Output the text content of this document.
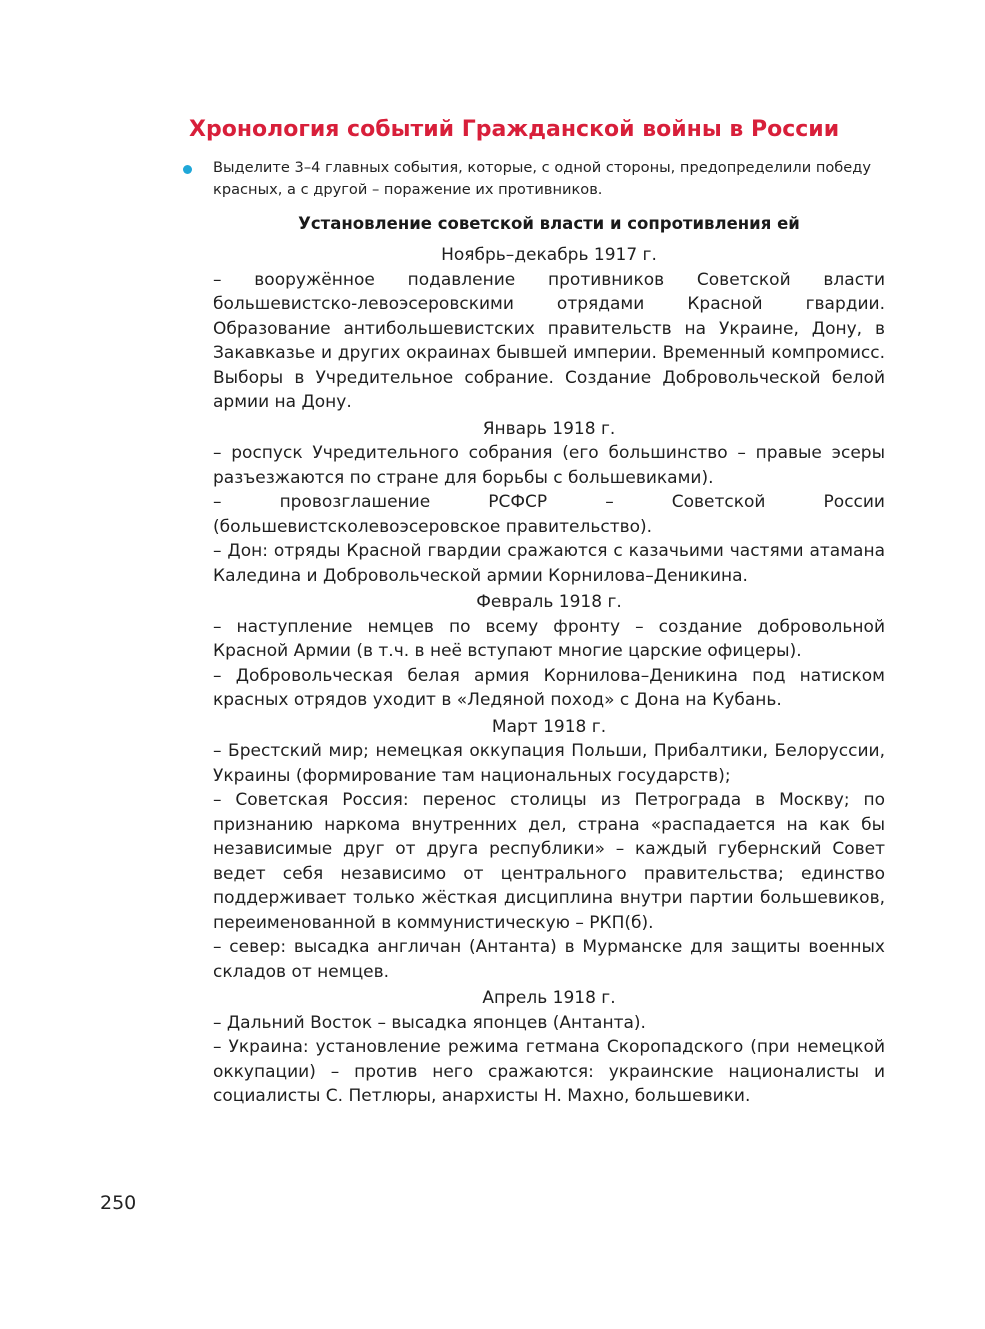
Хронология событий Гражданской войны в России
Выделите 3–4 главных события, которые, с одной стороны, предопределили победу красных, а с другой – поражение их противников.
Установление советской власти и сопротивления ей
Ноябрь–декабрь 1917 г.

– вооружённое подавление противников Советской власти большевистско-левоэсеровскими отрядами Красной гвардии. Образование антибольшевистских правительств на Украине, Дону, в Закавказье и других окраинах бывшей империи. Временный компромисс. Выборы в Учредительное собрание. Создание Добровольческой белой армии на Дону.

Январь 1918 г.

– роспуск Учредительного собрания (его большинство – правые эсеры разъезжаются по стране для борьбы с большевиками).

– провозглашение РСФСР – Советской России (большевистсколевоэсеровское правительство).

– Дон: отряды Красной гвардии сражаются с казачьими частями атамана Каледина и Добровольческой армии Корнилова–Деникина.

Февраль 1918 г.

– наступление немцев по всему фронту – создание добровольной Красной Армии (в т.ч. в неё вступают многие царские офицеры).

– Добровольческая белая армия Корнилова–Деникина под натиском красных отрядов уходит в «Ледяной поход» с Дона на Кубань.

Март 1918 г.

– Брестский мир; немецкая оккупация Польши, Прибалтики, Белоруссии, Украины (формирование там национальных государств);

– Советская Россия: перенос столицы из Петрограда в Москву; по признанию наркома внутренних дел, страна «распадается на как бы независимые друг от друга республики» – каждый губернский Совет ведет себя независимо от центрального правительства; единство поддерживает только жёсткая дисциплина внутри партии большевиков, переименованной в коммунистическую – РКП(б).

– север: высадка англичан (Антанта) в Мурманске для защиты военных складов от немцев.

Апрель 1918 г.

– Дальний Восток – высадка японцев (Антанта).

– Украина: установление режима гетмана Скоропадского (при немецкой оккупации) – против него сражаются: украинские националисты и социалисты С. Петлюры, анархисты Н. Махно, большевики.

250
